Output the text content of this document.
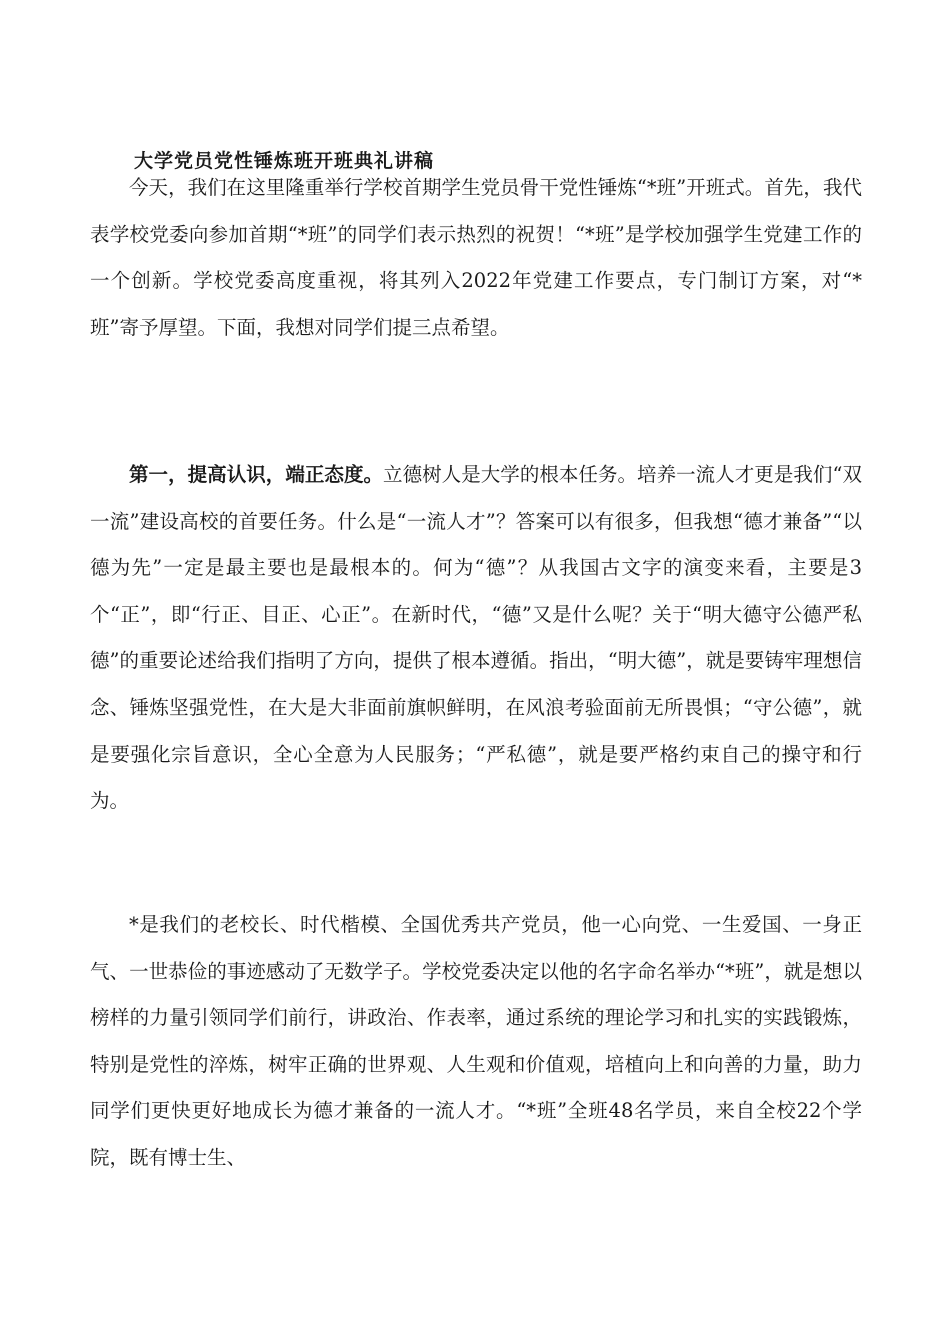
大学党员党性锤炼班开班典礼讲稿

今天，我们在这里隆重举行学校首期学生党员骨干党性锤炼“*班”开班式。首先，我代表学校党委向参加首期“*班”的同学们表示热烈的祝贺！“*班”是学校加强学生党建工作的一个创新。学校党委高度重视，将其列入2022年党建工作要点，专门制订方案，对“*班”寄予厚望。下面，我想对同学们提三点希望。

第一，提高认识，端正态度。立德树人是大学的根本任务。培养一流人才更是我们“双一流”建设高校的首要任务。什么是“一流人才”？答案可以有很多，但我想“德才兼备”“以德为先”一定是最主要也是最根本的。何为“德”？从我国古文字的演变来看，主要是3个“正”，即“行正、目正、心正”。在新时代，“德”又是什么呢？关于“明大德守公德严私德”的重要论述给我们指明了方向，提供了根本遵循。指出，“明大德”，就是要铸牢理想信念、锤炼坚强党性，在大是大非面前旗帜鲜明，在风浪考验面前无所畏惧；“守公德”，就是要强化宗旨意识，全心全意为人民服务；“严私德”，就是要严格约束自己的操守和行为。

*是我们的老校长、时代楷模、全国优秀共产党员，他一心向党、一生爱国、一身正气、一世恭俭的事迹感动了无数学子。学校党委决定以他的名字命名举办“*班”，就是想以榜样的力量引领同学们前行，讲政治、作表率，通过系统的理论学习和扎实的实践锻炼，特别是党性的淬炼，树牢正确的世界观、人生观和价值观，培植向上和向善的力量，助力同学们更快更好地成长为德才兼备的一流人才。“*班”全班48名学员，来自全校22个学院，既有博士生、
